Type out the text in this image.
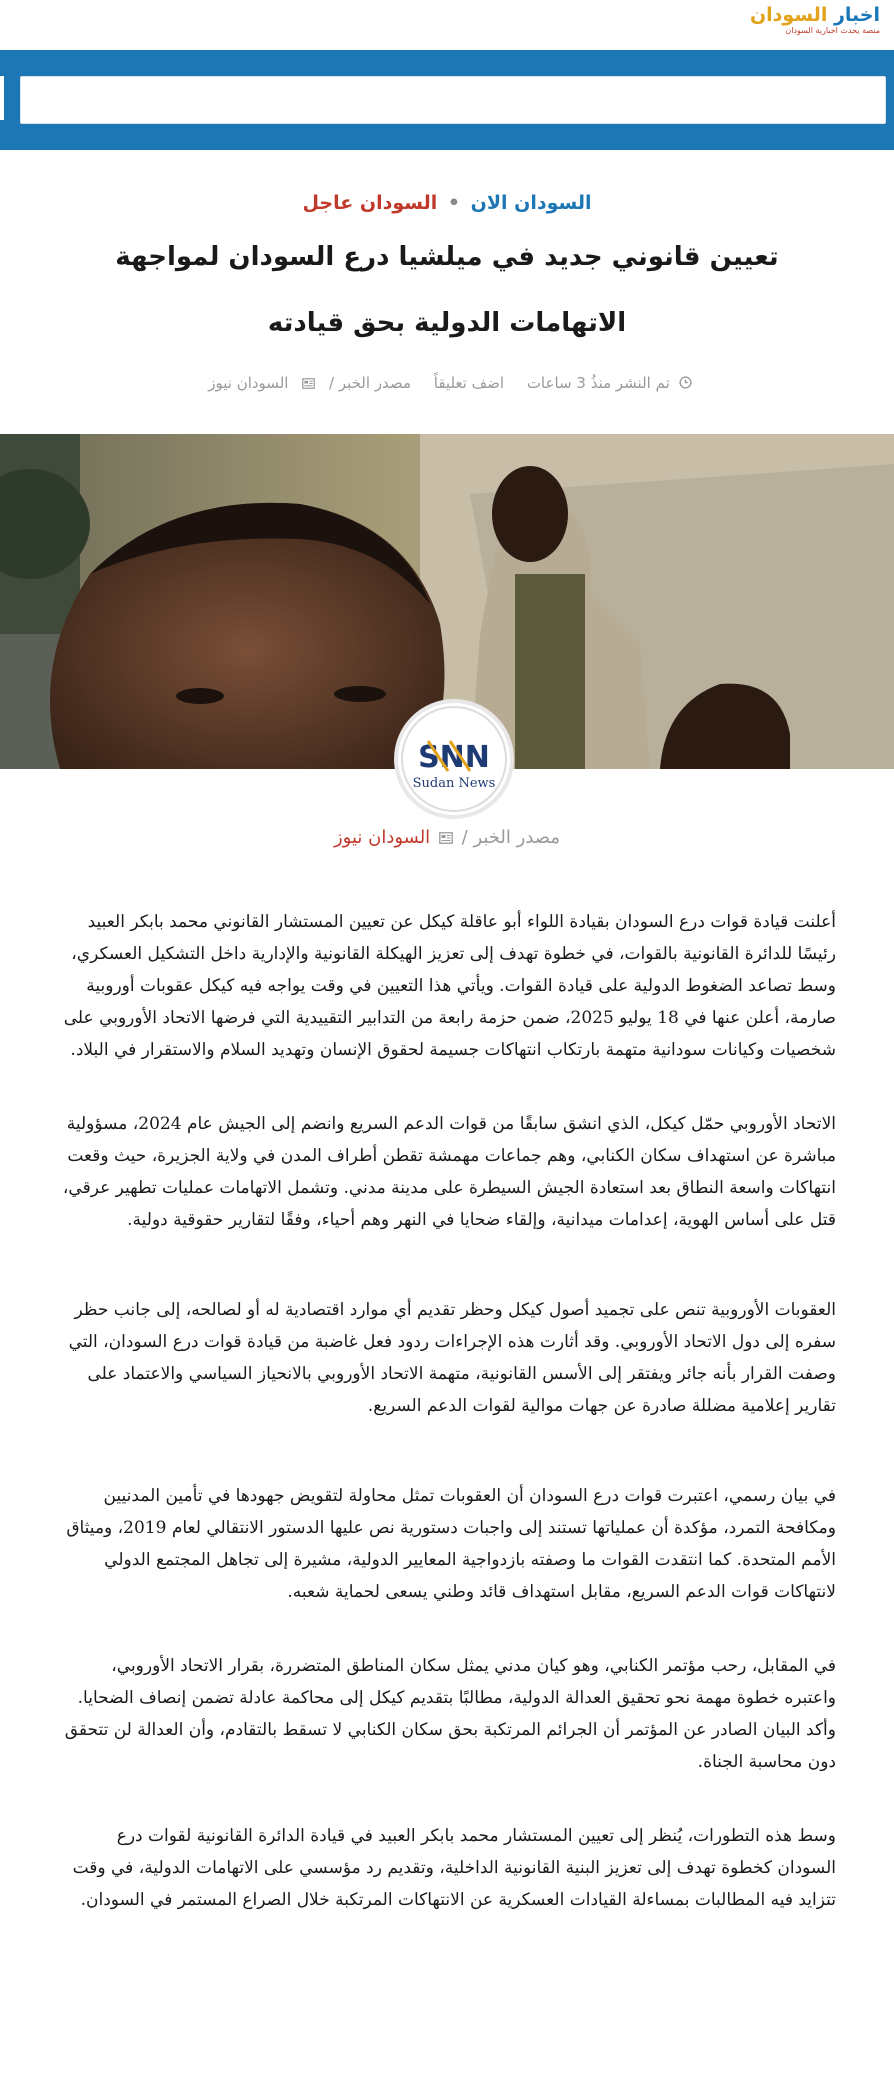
اخبار السودان
منصة يحدث اخبارية السودان
السودان الان • السودان عاجل
تعيين قانوني جديد في ميلشيا درع السودان لمواجهة الاتهامات الدولية بحق قيادته
تم النشر منذُ 3 ساعات اضف تعليقاً مصدر الخبر /  السودان نيوز
SNN
Sudan News
مصدر الخبر /  السودان نيوز

أعلنت قيادة قوات درع السودان بقيادة اللواء أبو عاقلة كيكل عن تعيين المستشار القانوني محمد بابكر العبيد رئيسًا للدائرة القانونية بالقوات، في خطوة تهدف إلى تعزيز الهيكلة القانونية والإدارية داخل التشكيل العسكري، وسط تصاعد الضغوط الدولية على قيادة القوات. ويأتي هذا التعيين في وقت يواجه فيه كيكل عقوبات أوروبية صارمة، أعلن عنها في 18 يوليو 2025، ضمن حزمة رابعة من التدابير التقييدية التي فرضها الاتحاد الأوروبي على شخصيات وكيانات سودانية متهمة بارتكاب انتهاكات جسيمة لحقوق الإنسان وتهديد السلام والاستقرار في البلاد.

الاتحاد الأوروبي حمّل كيكل، الذي انشق سابقًا من قوات الدعم السريع وانضم إلى الجيش عام 2024، مسؤولية مباشرة عن استهداف سكان الكنابي، وهم جماعات مهمشة تقطن أطراف المدن في ولاية الجزيرة، حيث وقعت انتهاكات واسعة النطاق بعد استعادة الجيش السيطرة على مدينة مدني. وتشمل الاتهامات عمليات تطهير عرقي، قتل على أساس الهوية، إعدامات ميدانية، وإلقاء ضحايا في النهر وهم أحياء، وفقًا لتقارير حقوقية دولية.

العقوبات الأوروبية تنص على تجميد أصول كيكل وحظر تقديم أي موارد اقتصادية له أو لصالحه، إلى جانب حظر سفره إلى دول الاتحاد الأوروبي. وقد أثارت هذه الإجراءات ردود فعل غاضبة من قيادة قوات درع السودان، التي وصفت القرار بأنه جائر ويفتقر إلى الأسس القانونية، متهمة الاتحاد الأوروبي بالانحياز السياسي والاعتماد على تقارير إعلامية مضللة صادرة عن جهات موالية لقوات الدعم السريع.

في بيان رسمي، اعتبرت قوات درع السودان أن العقوبات تمثل محاولة لتقويض جهودها في تأمين المدنيين ومكافحة التمرد، مؤكدة أن عملياتها تستند إلى واجبات دستورية نص عليها الدستور الانتقالي لعام 2019، وميثاق الأمم المتحدة. كما انتقدت القوات ما وصفته بازدواجية المعايير الدولية، مشيرة إلى تجاهل المجتمع الدولي لانتهاكات قوات الدعم السريع، مقابل استهداف قائد وطني يسعى لحماية شعبه.

في المقابل، رحب مؤتمر الكنابي، وهو كيان مدني يمثل سكان المناطق المتضررة، بقرار الاتحاد الأوروبي، واعتبره خطوة مهمة نحو تحقيق العدالة الدولية، مطالبًا بتقديم كيكل إلى محاكمة عادلة تضمن إنصاف الضحايا. وأكد البيان الصادر عن المؤتمر أن الجرائم المرتكبة بحق سكان الكنابي لا تسقط بالتقادم، وأن العدالة لن تتحقق دون محاسبة الجناة.

وسط هذه التطورات، يُنظر إلى تعيين المستشار محمد بابكر العبيد في قيادة الدائرة القانونية لقوات درع السودان كخطوة تهدف إلى تعزيز البنية القانونية الداخلية، وتقديم رد مؤسسي على الاتهامات الدولية، في وقت تتزايد فيه المطالبات بمساءلة القيادات العسكرية عن الانتهاكات المرتكبة خلال الصراع المستمر في السودان.
